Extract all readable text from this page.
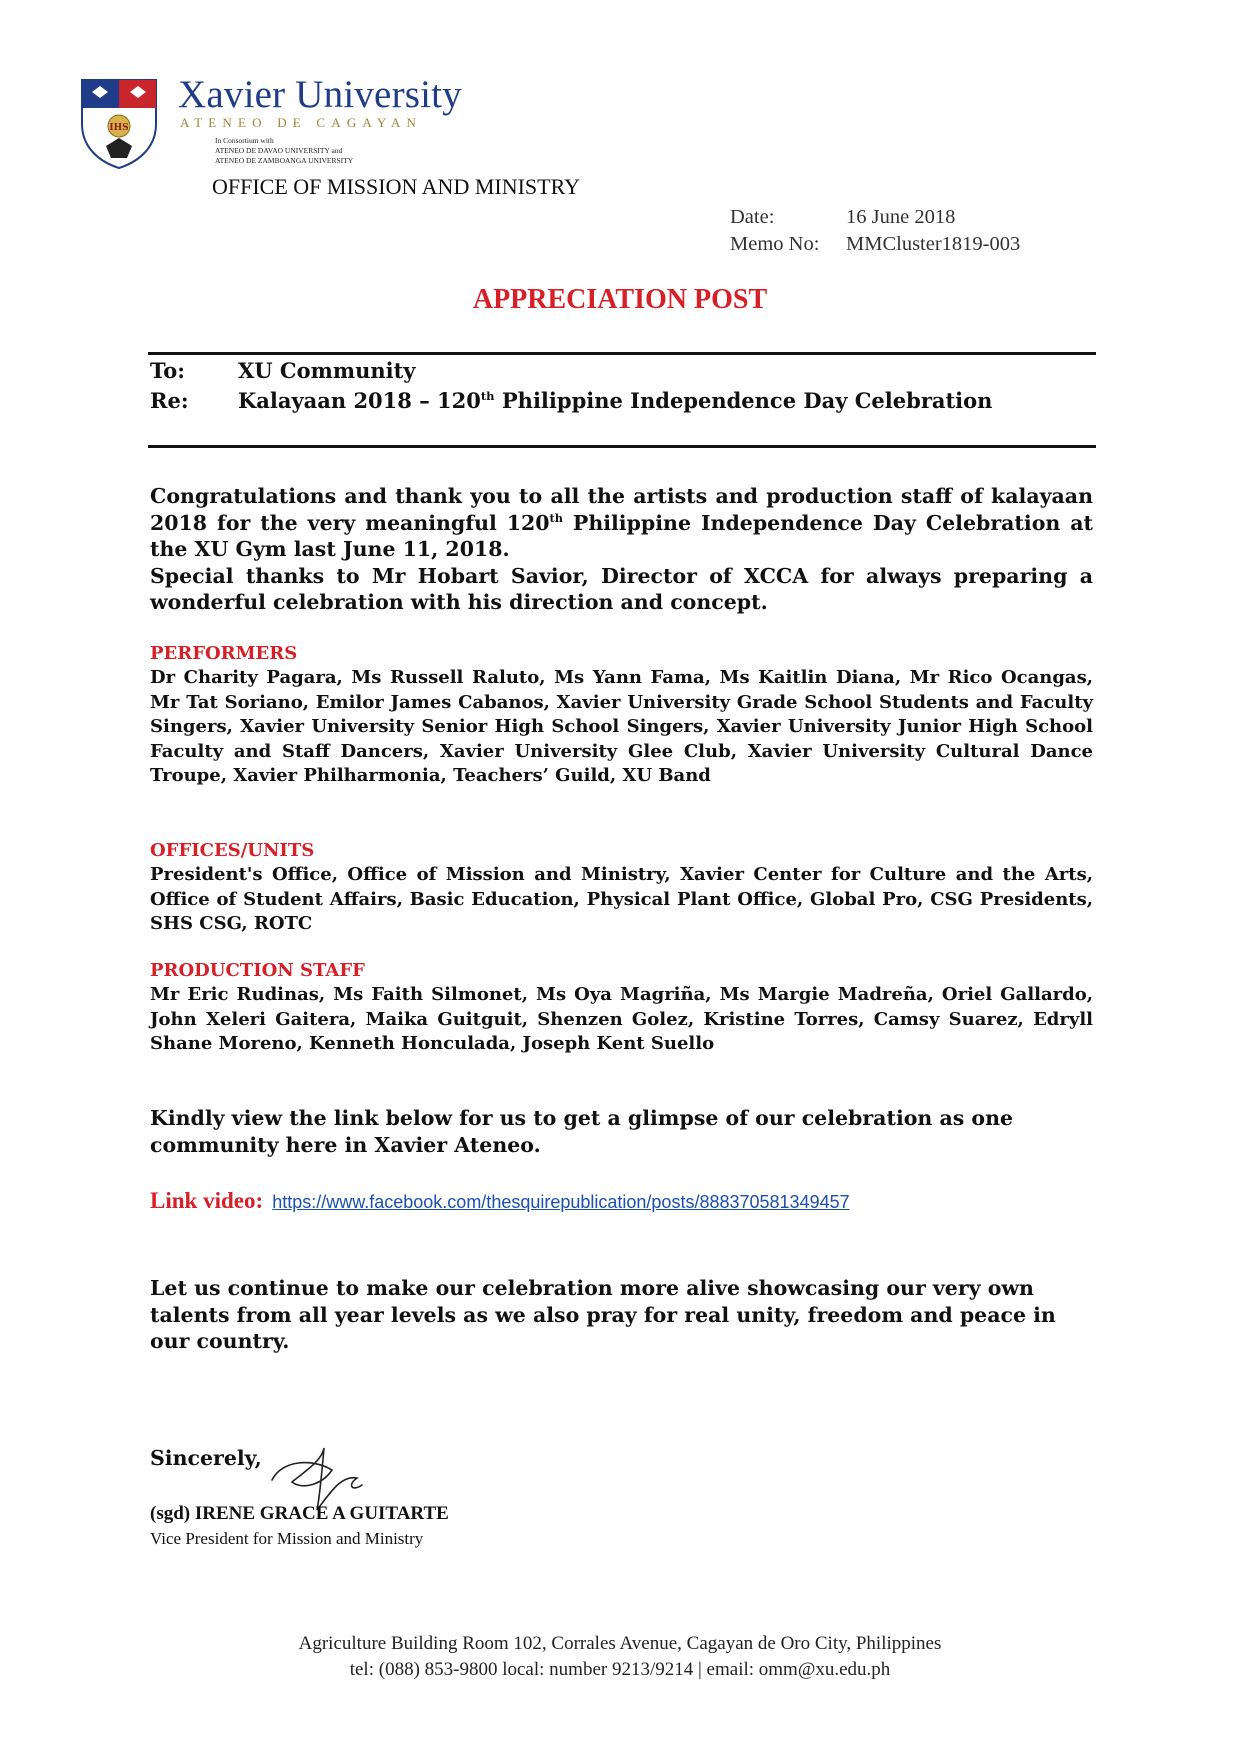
IHS
Xavier University
ATENEO DE CAGAYAN
In Consortium with
ATENEO DE DAVAO UNIVERSITY and
ATENEO DE ZAMBOANGA UNIVERSITY
OFFICE OF MISSION AND MINISTRY
Date:	16 June 2018
Memo No:	MMCluster1819-003
APPRECIATION POST
To:	XU Community
Re:	Kalayaan 2018 – 120th Philippine Independence Day Celebration

Congratulations and thank you to all the artists and production staff of kalayaan 2018 for the very meaningful 120th Philippine Independence Day Celebration at the XU Gym last June 11, 2018.

Special thanks to Mr Hobart Savior, Director of XCCA for always preparing a wonderful celebration with his direction and concept.

PERFORMERS

Dr Charity Pagara, Ms Russell Raluto, Ms Yann Fama, Ms Kaitlin Diana, Mr Rico Ocangas, Mr Tat Soriano, Emilor James Cabanos, Xavier University Grade School Students and Faculty Singers, Xavier University Senior High School Singers, Xavier University Junior High School Faculty and Staff Dancers, Xavier University Glee Club, Xavier University Cultural Dance Troupe, Xavier Philharmonia, Teachers’ Guild, XU Band

OFFICES/UNITS

President's Office, Office of Mission and Ministry, Xavier Center for Culture and the Arts, Office of Student Affairs, Basic Education, Physical Plant Office, Global Pro, CSG Presidents, SHS CSG, ROTC

PRODUCTION STAFF

Mr Eric Rudinas, Ms Faith Silmonet, Ms Oya Magriña, Ms Margie Madreña, Oriel Gallardo, John Xeleri Gaitera, Maika Guitguit, Shenzen Golez, Kristine Torres, Camsy Suarez, Edryll Shane Moreno, Kenneth Honculada, Joseph Kent Suello

Kindly view the link below for us to get a glimpse of our celebration as one community here in Xavier Ateneo.
Link video: https://www.facebook.com/thesquirepublication/posts/888370581349457
Let us continue to make our celebration more alive showcasing our very own talents from all year levels as we also pray for real unity, freedom and peace in our country.
Sincerely,
(sgd) IRENE GRACE A GUITARTE
Vice President for Mission and Ministry
Agriculture Building Room 102, Corrales Avenue, Cagayan de Oro City, Philippines
tel: (088) 853-9800 local: number 9213/9214 | email: omm@xu.edu.ph
